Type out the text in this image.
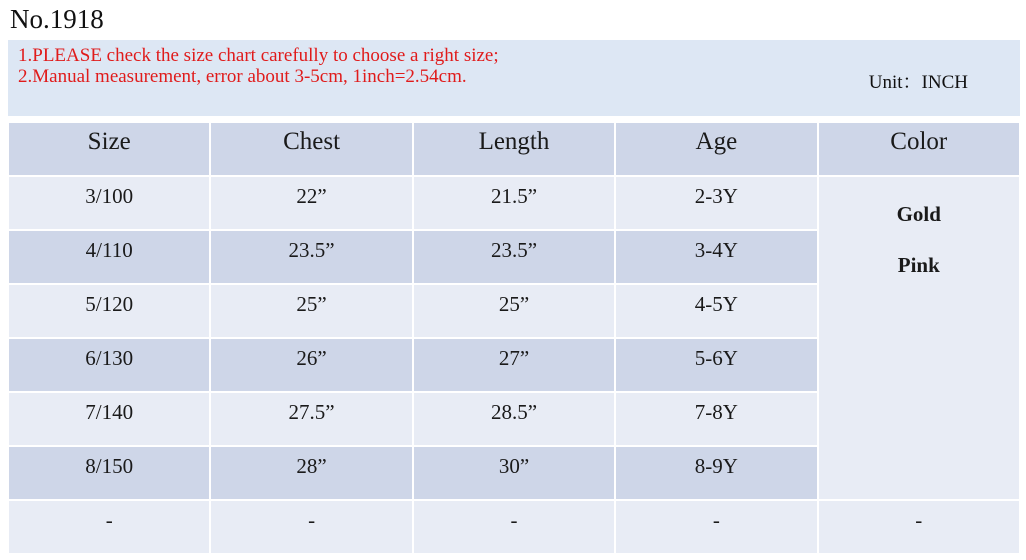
No.1918
1.PLEASE check the size chart carefully to choose a right size;
2.Manual measurement, error about 3-5cm, 1inch=2.54cm.	Unit：INCH
Size	Chest	Length	Age	Color
3/100	22”	21.5”	2-3Y	Gold
Pink

4/110	23.5”	23.5”	3-4Y	
5/120	25”	25”	4-5Y	
6/130	26”	27”	5-6Y	
7/140	27.5”	28.5”	7-8Y	
8/150	28”	30”	8-9Y	
-	-	-	-	-
